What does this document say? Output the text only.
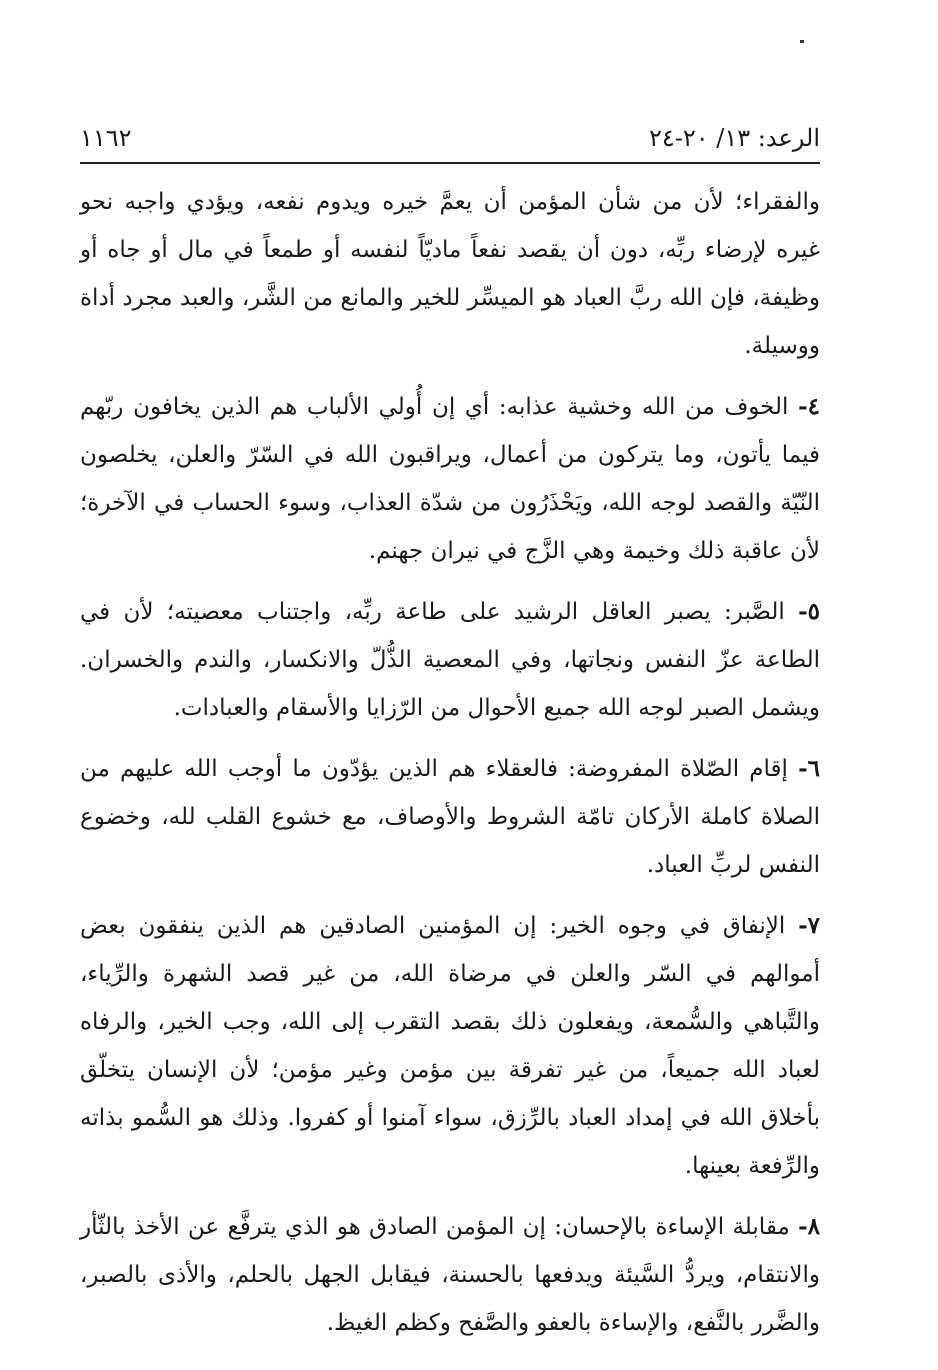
الرعد: ١٣/ ٢٠-٢٤
١١٦٢

والفقراء؛ لأن من شأن المؤمن أن يعمَّ خيره ويدوم نفعه، ويؤدي واجبه نحو غيره لإرضاء ربِّه، دون أن يقصد نفعاً ماديّاً لنفسه أو طمعاً في مال أو جاه أو وظيفة، فإن الله ربَّ العباد هو الميسِّر للخير والمانع من الشَّر، والعبد مجرد أداة ووسيلة.

٤- الخوف من الله وخشية عذابه: أي إن أُولي الألباب هم الذين يخافون ربّهم فيما يأتون، وما يتركون من أعمال، ويراقبون الله في السّرّ والعلن، يخلصون النّيّة والقصد لوجه الله، ويَحْذَرُون من شدّة العذاب، وسوء الحساب في الآخرة؛ لأن عاقبة ذلك وخيمة وهي الزَّج في نيران جهنم.

٥- الصَّبر: يصبر العاقل الرشيد على طاعة ربِّه، واجتناب معصيته؛ لأن في الطاعة عزّ النفس ونجاتها، وفي المعصية الذُّلّ والانكسار، والندم والخسران. ويشمل الصبر لوجه الله جميع الأحوال من الرّزايا والأسقام والعبادات.

٦- إقام الصّلاة المفروضة: فالعقلاء هم الذين يؤدّون ما أوجب الله عليهم من الصلاة كاملة الأركان تامّة الشروط والأوصاف، مع خشوع القلب لله، وخضوع النفس لربِّ العباد.

٧- الإنفاق في وجوه الخير: إن المؤمنين الصادقين هم الذين ينفقون بعض أموالهم في السّر والعلن في مرضاة الله، من غير قصد الشهرة والرِّياء، والتَّباهي والسُّمعة، ويفعلون ذلك بقصد التقرب إلى الله، وجب الخير، والرفاه لعباد الله جميعاً، من غير تفرقة بين مؤمن وغير مؤمن؛ لأن الإنسان يتخلّق بأخلاق الله في إمداد العباد بالرِّزق، سواء آمنوا أو كفروا. وذلك هو السُّمو بذاته والرِّفعة بعينها.

٨- مقابلة الإساءة بالإحسان: إن المؤمن الصادق هو الذي يترفَّع عن الأخذ بالثّأر والانتقام، ويردُّ السَّيئة ويدفعها بالحسنة، فيقابل الجهل بالحلم، والأذى بالصبر، والضَّرر بالنَّفع، والإساءة بالعفو والصَّفح وكظم الغيظ.
